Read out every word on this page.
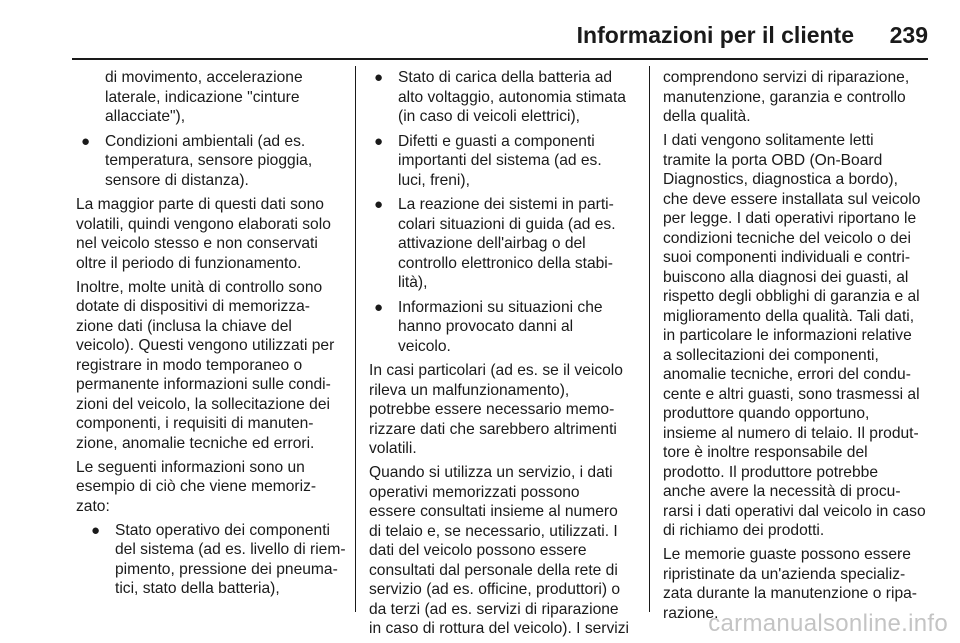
Informazioni per il cliente 239
di movimento, accelerazione
laterale, indicazione "cinture
allacciate"),
● Condizioni ambientali (ad es.
temperatura, sensore pioggia,
sensore di distanza).
La maggior parte di questi dati sono
volatili, quindi vengono elaborati solo
nel veicolo stesso e non conservati
oltre il periodo di funzionamento.
Inoltre, molte unità di controllo sono
dotate di dispositivi di memorizza-
zione dati (inclusa la chiave del
veicolo). Questi vengono utilizzati per
registrare in modo temporaneo o
permanente informazioni sulle condi-
zioni del veicolo, la sollecitazione dei
componenti, i requisiti di manuten-
zione, anomalie tecniche ed errori.
Le seguenti informazioni sono un
esempio di ciò che viene memoriz-
zato:
● Stato operativo dei componenti
del sistema (ad es. livello di riem-
pimento, pressione dei pneuma-
tici, stato della batteria),
● Stato di carica della batteria ad
alto voltaggio, autonomia stimata
(in caso di veicoli elettrici),
● Difetti e guasti a componenti
importanti del sistema (ad es.
luci, freni),
● La reazione dei sistemi in parti-
colari situazioni di guida (ad es.
attivazione dell'airbag o del
controllo elettronico della stabi-
lità),
● Informazioni su situazioni che
hanno provocato danni al
veicolo.
In casi particolari (ad es. se il veicolo
rileva un malfunzionamento),
potrebbe essere necessario memo-
rizzare dati che sarebbero altrimenti
volatili.
Quando si utilizza un servizio, i dati
operativi memorizzati possono
essere consultati insieme al numero
di telaio e, se necessario, utilizzati. I
dati del veicolo possono essere
consultati dal personale della rete di
servizio (ad es. officine, produttori) o
da terzi (ad es. servizi di riparazione
in caso di rottura del veicolo). I servizi
comprendono servizi di riparazione,
manutenzione, garanzia e controllo
della qualità.
I dati vengono solitamente letti
tramite la porta OBD (On-Board
Diagnostics, diagnostica a bordo),
che deve essere installata sul veicolo
per legge. I dati operativi riportano le
condizioni tecniche del veicolo o dei
suoi componenti individuali e contri-
buiscono alla diagnosi dei guasti, al
rispetto degli obblighi di garanzia e al
miglioramento della qualità. Tali dati,
in particolare le informazioni relative
a sollecitazioni dei componenti,
anomalie tecniche, errori del condu-
cente e altri guasti, sono trasmessi al
produttore quando opportuno,
insieme al numero di telaio. Il produt-
tore è inoltre responsabile del
prodotto. Il produttore potrebbe
anche avere la necessità di procu-
rarsi i dati operativi dal veicolo in caso
di richiamo dei prodotti.
Le memorie guaste possono essere
ripristinate da un'azienda specializ-
zata durante la manutenzione o ripa-
razione.
carmanualsonline.info
